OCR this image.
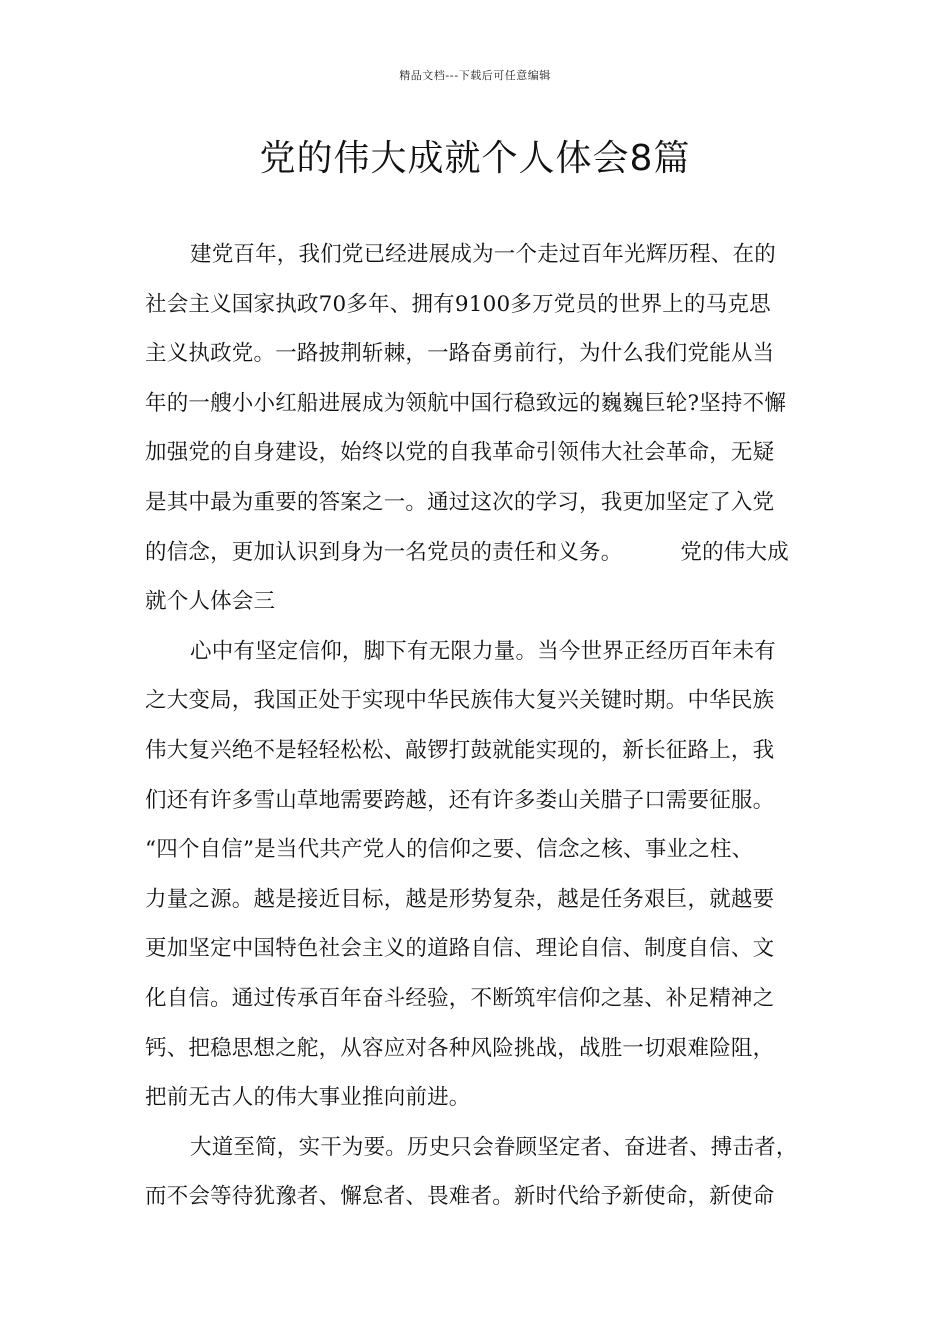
精品文档---下载后可任意编辑
党的伟大成就个人体会8篇
建党百年，我们党已经进展成为一个走过百年光辉历程、在的
社会主义国家执政70多年、拥有9100多万党员的世界上的马克思
主义执政党。一路披荆斩棘，一路奋勇前行，为什么我们党能从当
年的一艘小小红船进展成为领航中国行稳致远的巍巍巨轮?坚持不懈
加强党的自身建设，始终以党的自我革命引领伟大社会革命，无疑
是其中最为重要的答案之一。通过这次的学习，我更加坚定了入党
的信念，更加认识到身为一名党员的责任和义务。	党的伟大成
就个人体会三
心中有坚定信仰，脚下有无限力量。当今世界正经历百年未有
之大变局，我国正处于实现中华民族伟大复兴关键时期。中华民族
伟大复兴绝不是轻轻松松、敲锣打鼓就能实现的，新长征路上，我
们还有许多雪山草地需要跨越，还有许多娄山关腊子口需要征服。
“四个自信”是当代共产党人的信仰之要、信念之核、事业之柱、
力量之源。越是接近目标，越是形势复杂，越是任务艰巨，就越要
更加坚定中国特色社会主义的道路自信、理论自信、制度自信、文
化自信。通过传承百年奋斗经验，不断筑牢信仰之基、补足精神之
钙、把稳思想之舵，从容应对各种风险挑战，战胜一切艰难险阻，
把前无古人的伟大事业推向前进。
大道至简，实干为要。历史只会眷顾坚定者、奋进者、搏击者，
而不会等待犹豫者、懈怠者、畏难者。新时代给予新使命，新使命
